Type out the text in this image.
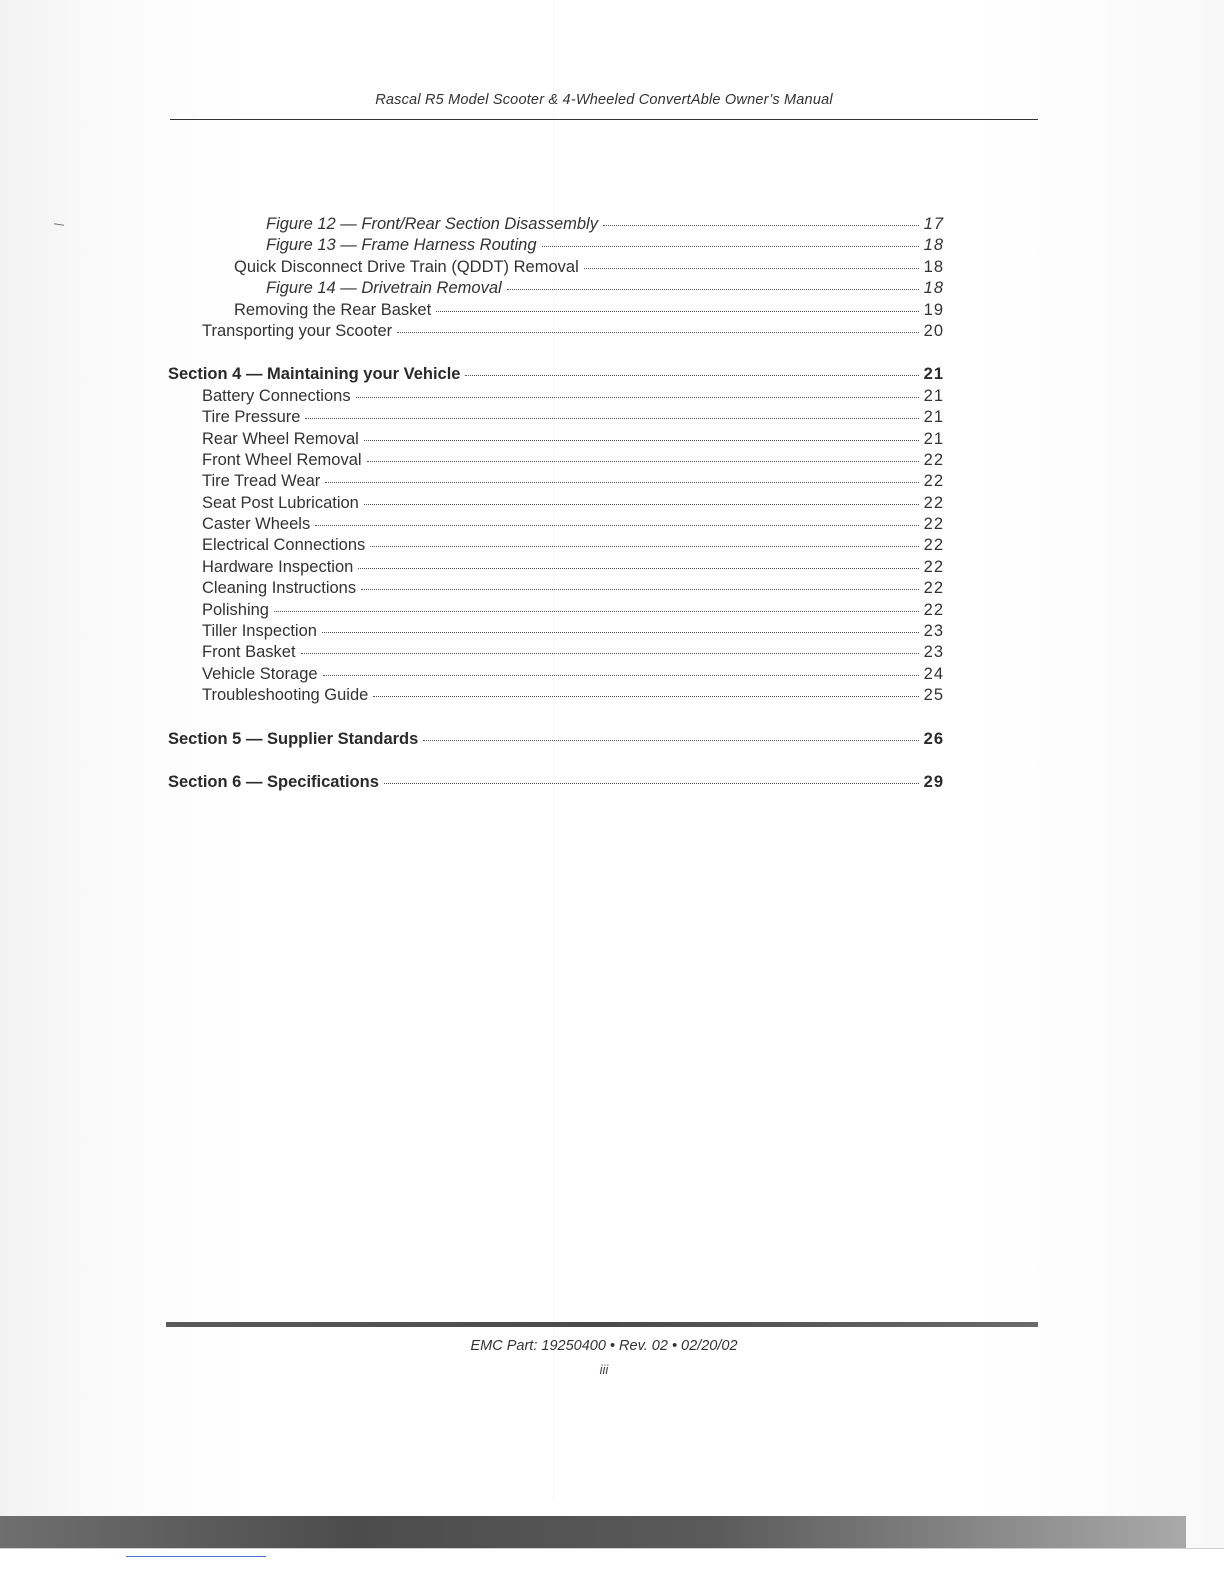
Rascal R5 Model Scooter & 4-Wheeled ConvertAble Owner’s Manual
Figure 12 — Front/Rear Section Disassembly	17
Figure 13 — Frame Harness Routing	18
Quick Disconnect Drive Train (QDDT) Removal	18
Figure 14 — Drivetrain Removal	18
Removing the Rear Basket	19
Transporting your Scooter	20
Section 4 — Maintaining your Vehicle	21
Battery Connections	21
Tire Pressure	21
Rear Wheel Removal	21
Front Wheel Removal	22
Tire Tread Wear	22
Seat Post Lubrication	22
Caster Wheels	22
Electrical Connections	22
Hardware Inspection	22
Cleaning Instructions	22
Polishing	22
Tiller Inspection	23
Front Basket	23
Vehicle Storage	24
Troubleshooting Guide	25
Section 5 — Supplier Standards	26
Section 6 — Specifications	29
EMC Part: 19250400 • Rev. 02 • 02/20/02
iii
